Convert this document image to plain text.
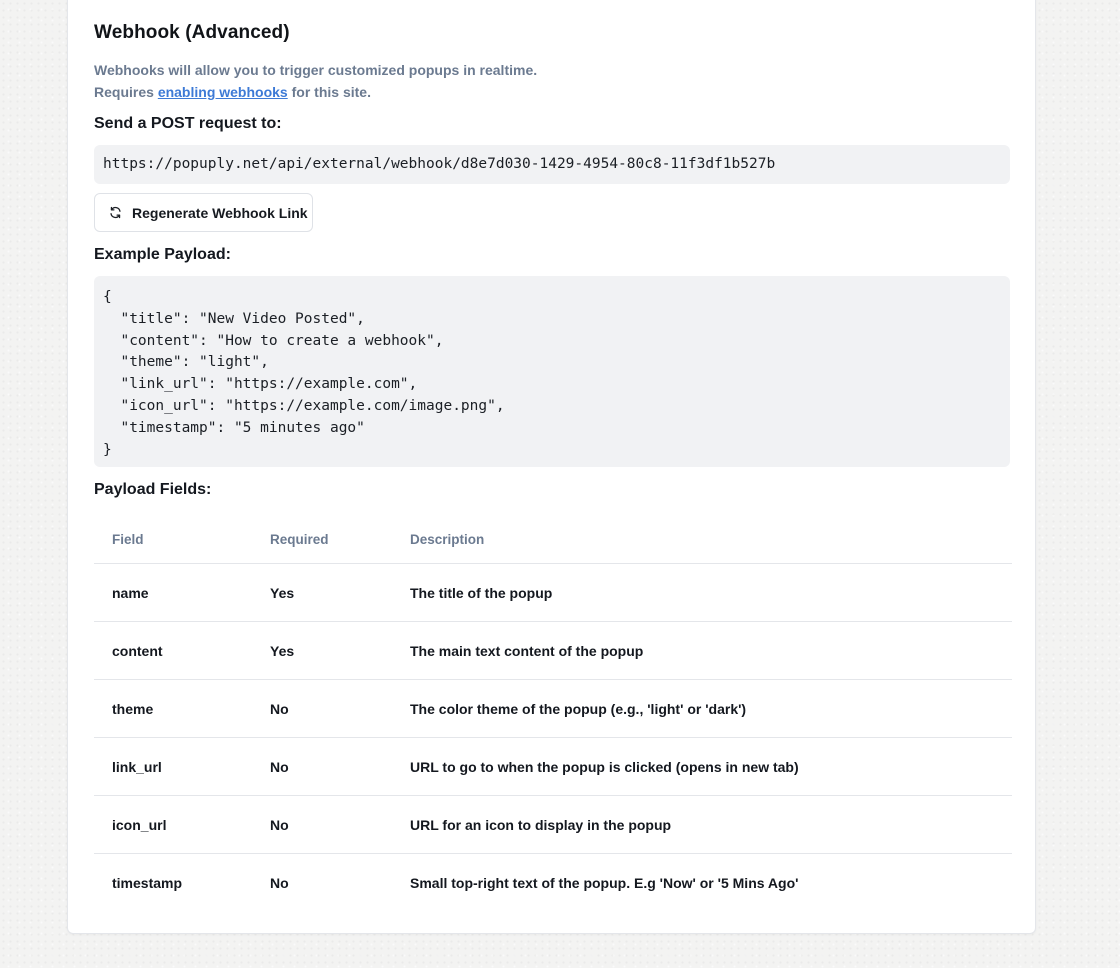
Webhook (Advanced)
Webhooks will allow you to trigger customized popups in realtime.
Requires enabling webhooks for this site.
Send a POST request to:
https://popuply.net/api/external/webhook/d8e7d030-1429-4954-80c8-11f3df1b527b
Regenerate Webhook Link
Example Payload:
{
"title": "New Video Posted",
"content": "How to create a webhook",
"theme": "light",
"link_url": "https://example.com",
"icon_url": "https://example.com/image.png",
"timestamp": "5 minutes ago"
}
Payload Fields:
Field	Required	Description
name	Yes	The title of the popup
content	Yes	The main text content of the popup
theme	No	The color theme of the popup (e.g., 'light' or 'dark')
link_url	No	URL to go to when the popup is clicked (opens in new tab)
icon_url	No	URL for an icon to display in the popup
timestamp	No	Small top-right text of the popup. E.g 'Now' or '5 Mins Ago'
